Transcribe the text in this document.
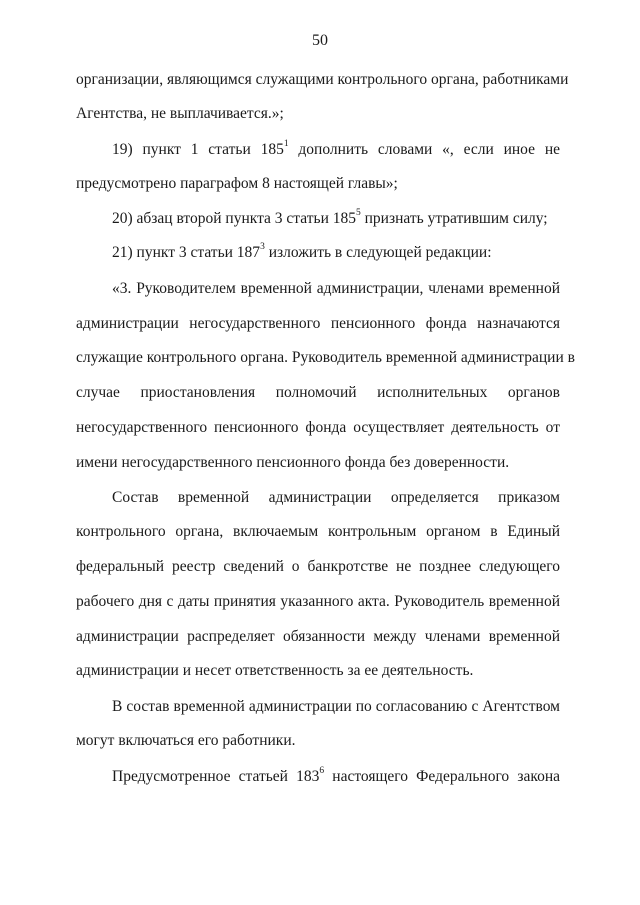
50
организации, являющимся служащими контрольного органа, работниками
Агентства, не выплачивается.»;
19) пункт 1 статьи $185^1$ дополнить словами «, если иное не
предусмотрено параграфом 8 настоящей главы»;
20) абзац второй пункта 3 статьи $185^5$ признать утратившим силу;
21) пункт 3 статьи $187^3$ изложить в следующей редакции:
«3. Руководителем временной администрации, членами временной
администрации негосударственного пенсионного фонда назначаются
служащие контрольного органа. Руководитель временной администрации в
случае приостановления полномочий исполнительных органов
негосударственного пенсионного фонда осуществляет деятельность от
имени негосударственного пенсионного фонда без доверенности.
Состав временной администрации определяется приказом
контрольного органа, включаемым контрольным органом в Единый
федеральный реестр сведений о банкротстве не позднее следующего
рабочего дня с даты принятия указанного акта. Руководитель временной
администрации распределяет обязанности между членами временной
администрации и несет ответственность за ее деятельность.
В состав временной администрации по согласованию с Агентством
могут включаться его работники.
Предусмотренное статьей $183^6$ настоящего Федерального закона
